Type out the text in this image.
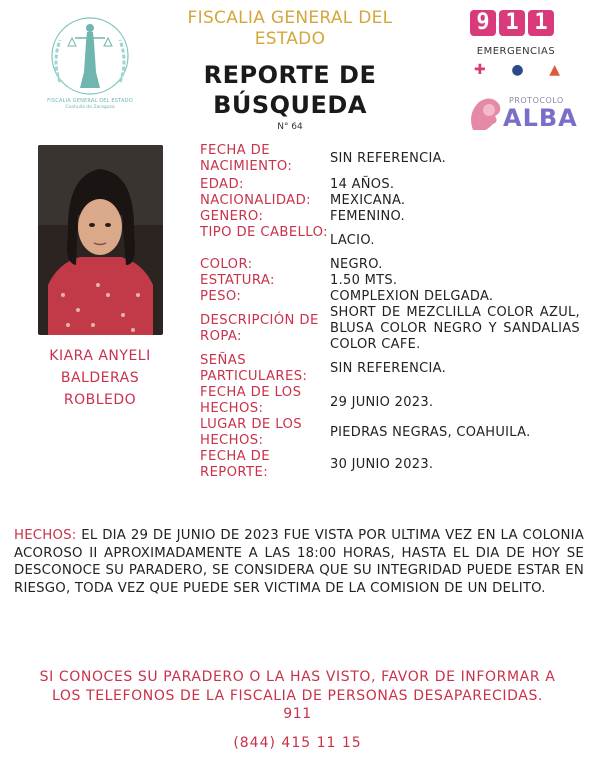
FISCALIA GENERAL DEL ESTADO
Coahuila de Zaragoza
FISCALIA GENERAL DEL ESTADO
REPORTE DE
BÚSQUEDA
N° 64
9 1 1
EMERGENCIAS
✚ ● ▲
PROTOCOLO
ALBA
KIARA ANYELI
BALDERAS
ROBLEDO
FECHA DE NACIMIENTO:
SIN REFERENCIA.
EDAD:	14 AÑOS.
NACIONALIDAD:	MEXICANA.
GENERO:	FEMENINO.
TIPO DE CABELLO:
LACIO.
COLOR:	NEGRO.
ESTATURA:	1.50 MTS.
PESO:	COMPLEXION DELGADA.
DESCRIPCIÓN DE ROPA:
SHORT DE MEZCLILLA COLOR AZUL, BLUSA COLOR NEGRO Y SANDALIAS COLOR CAFE.
SEÑAS PARTICULARES:
SIN REFERENCIA.
FECHA DE LOS HECHOS:	29 JUNIO 2023.
LUGAR DE LOS HECHOS:
PIEDRAS NEGRAS, COAHUILA.
FECHA DE REPORTE:
30 JUNIO 2023.
HECHOS: EL DIA 29 DE JUNIO DE 2023 FUE VISTA POR ULTIMA VEZ EN LA COLONIA ACOROSO II APROXIMADAMENTE A LAS 18:00 HORAS, HASTA EL DIA DE HOY SE DESCONOCE SU PARADERO, SE CONSIDERA QUE SU INTEGRIDAD PUEDE ESTAR EN RIESGO, TODA VEZ QUE PUEDE SER VICTIMA DE LA COMISION DE UN DELITO.
SI CONOCES SU PARADERO O LA HAS VISTO, FAVOR DE INFORMAR A
LOS TELEFONOS DE LA FISCALIA DE PERSONAS DESAPARECIDAS.
911
(844) 415 11 15
